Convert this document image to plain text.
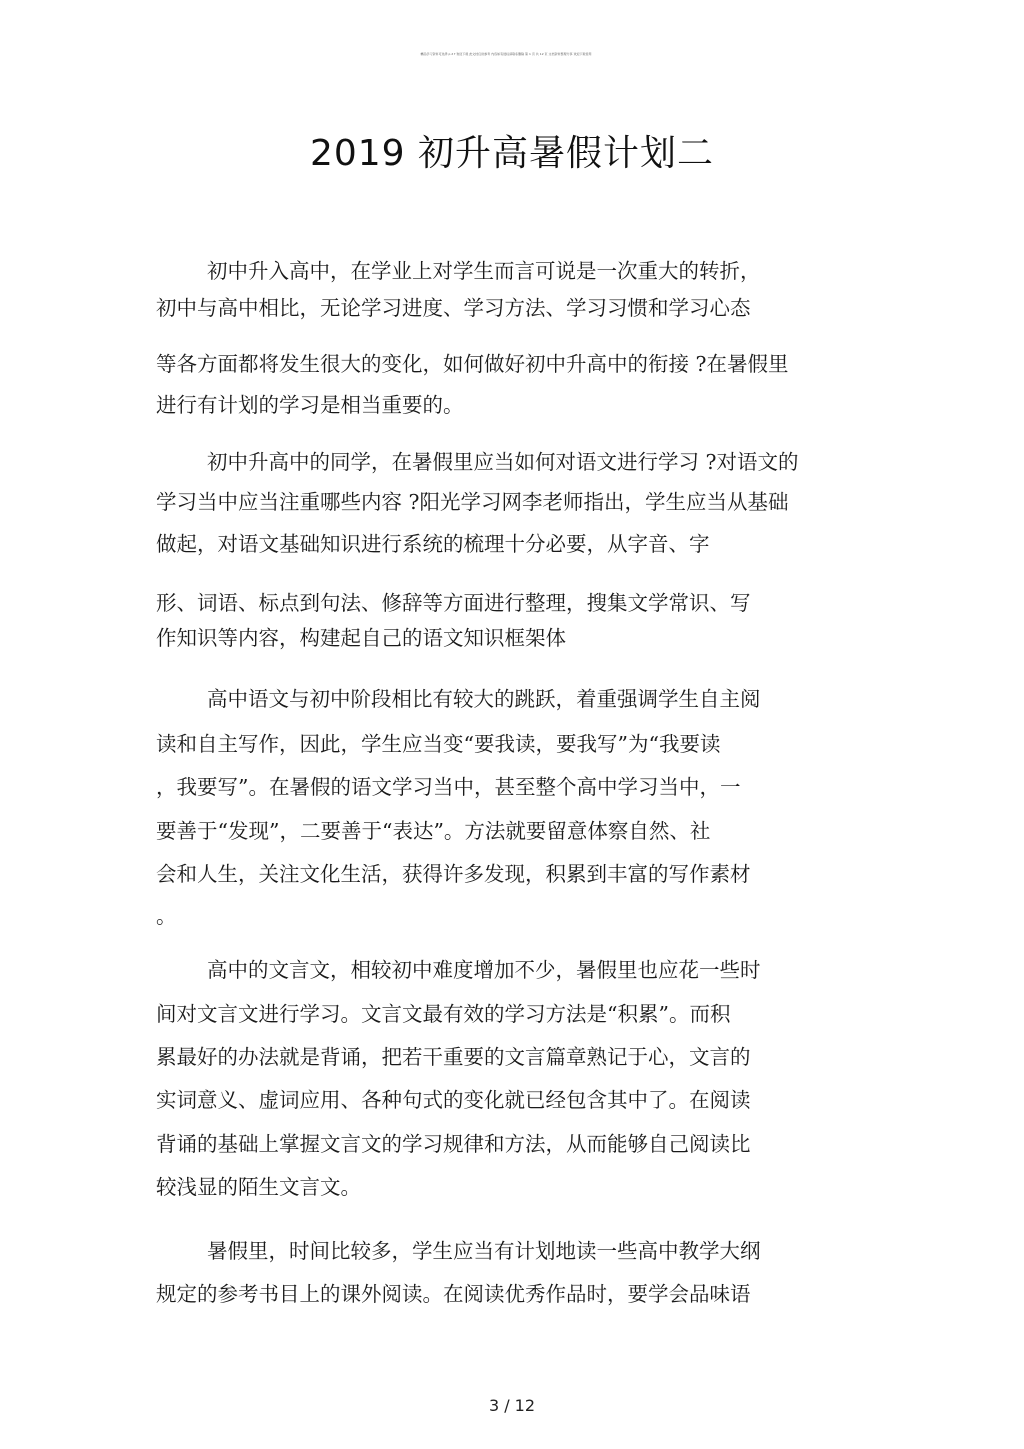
精品学习资料可选择 p d f 欢迎下载 此文档仅供参考 内容如有侵权请联系删除 第 1 页 共 12 页 文档资料整理分享 欢迎下载使用
2019 初升高暑假计划二
初中升入高中，在学业上对学生而言可说是一次重大的转折，
初中与高中相比，无论学习进度、学习方法、学习习惯和学习心态
等各方面都将发生很大的变化，如何做好初中升高中的衔接 ?在暑假里
进行有计划的学习是相当重要的。
初中升高中的同学，在暑假里应当如何对语文进行学习 ?对语文的
学习当中应当注重哪些内容 ?阳光学习网李老师指出，学生应当从基础
做起，对语文基础知识进行系统的梳理十分必要，从字音、字
形、词语、标点到句法、修辞等方面进行整理，搜集文学常识、写
作知识等内容，构建起自己的语文知识框架体
高中语文与初中阶段相比有较大的跳跃，着重强调学生自主阅
读和自主写作，因此，学生应当变“要我读，要我写”为“我要读
，我要写”。在暑假的语文学习当中，甚至整个高中学习当中，一
要善于“发现”，二要善于“表达”。方法就要留意体察自然、社
会和人生，关注文化生活，获得许多发现，积累到丰富的写作素材
。
高中的文言文，相较初中难度增加不少，暑假里也应花一些时
间对文言文进行学习。文言文最有效的学习方法是“积累”。而积
累最好的办法就是背诵，把若干重要的文言篇章熟记于心，文言的
实词意义、虚词应用、各种句式的变化就已经包含其中了。在阅读
背诵的基础上掌握文言文的学习规律和方法，从而能够自己阅读比
较浅显的陌生文言文。
暑假里，时间比较多，学生应当有计划地读一些高中教学大纲
规定的参考书目上的课外阅读。在阅读优秀作品时，要学会品味语
3 / 12
